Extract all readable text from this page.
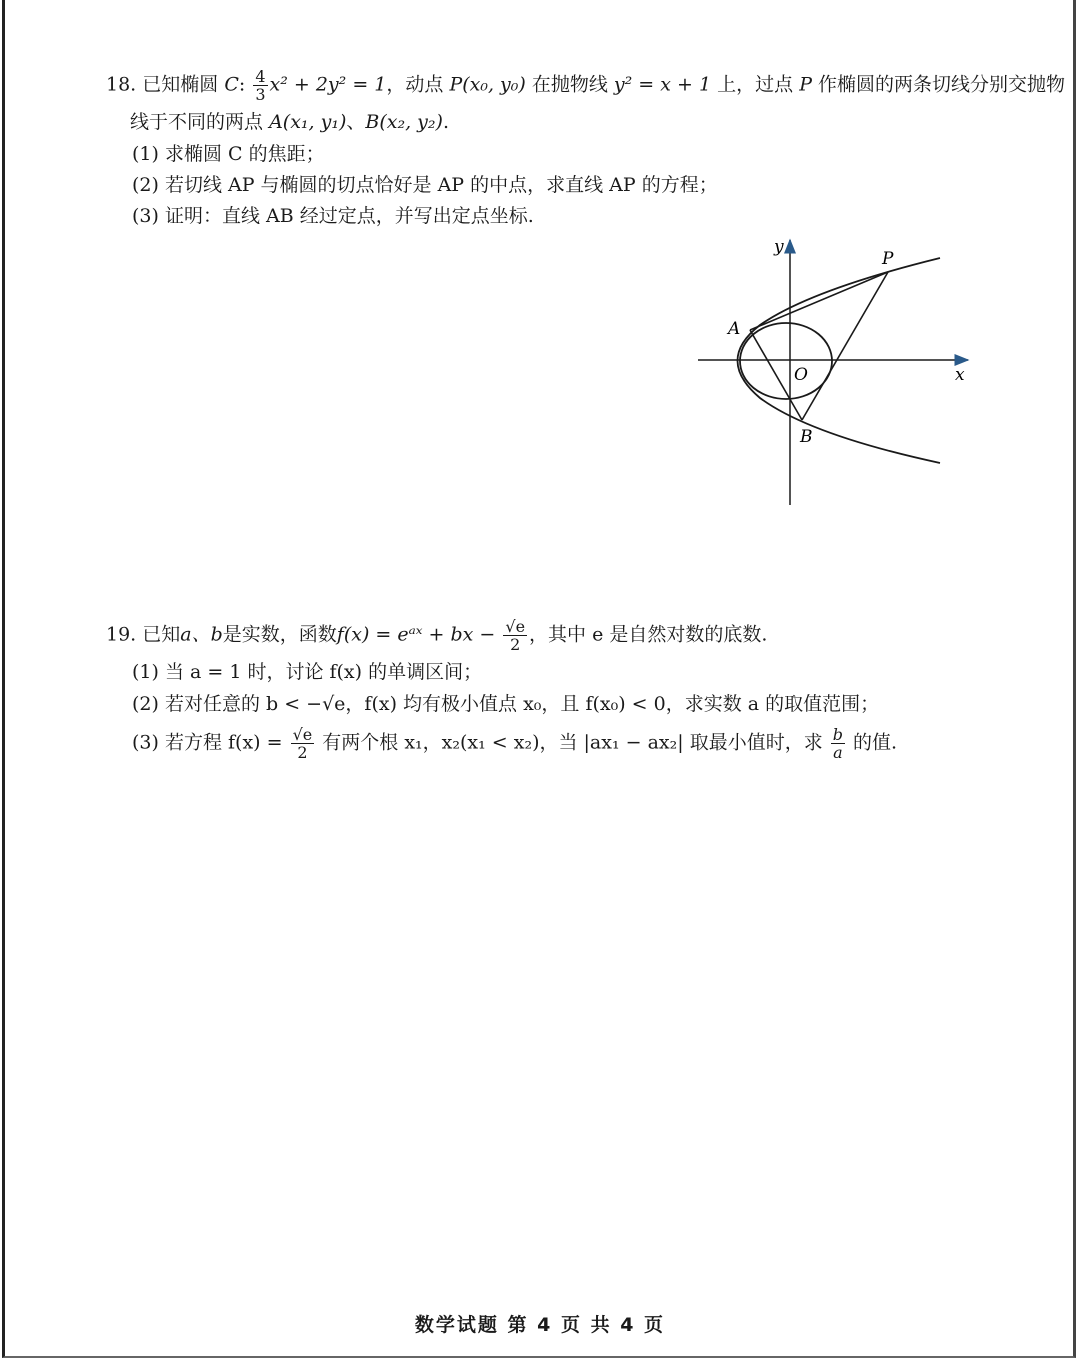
18. 已知椭圆 C: $\frac{4}{3} x^2 + 2y^2 = 1$，动点 P(x₀, y₀) 在抛物线 y² = x + 1 上，过点 P 作椭圆的两条切线分别交抛物
线于不同的两点 A(x₁, y₁)、B(x₂, y₂).
(1) 求椭圆 C 的焦距；
(2) 若切线 AP 与椭圆的切点恰好是 AP 的中点，求直线 AP 的方程；
(3) 证明：直线 AB 经过定点，并写出定点坐标.
y
x
O
A
B
P
19. 已知a、b是实数，函数f(x) = eᵃˣ + bx − $\frac{√e}{2}$ ，其中 e 是自然对数的底数.
(1) 当 a = 1 时，讨论 f(x) 的单调区间；
(2) 若对任意的 b < −√e，f(x) 均有极小值点 x₀，且 f(x₀) < 0，求实数 a 的取值范围；
(3) 若方程 $f(x) = \frac{√e}{2}$ 有两个根 x₁，x₂(x₁ < x₂)，当 |ax₁ − ax₂| 取最小值时，求 $\frac{b}{a}$ 的值.
数学试题 第 4 页 共 4 页
